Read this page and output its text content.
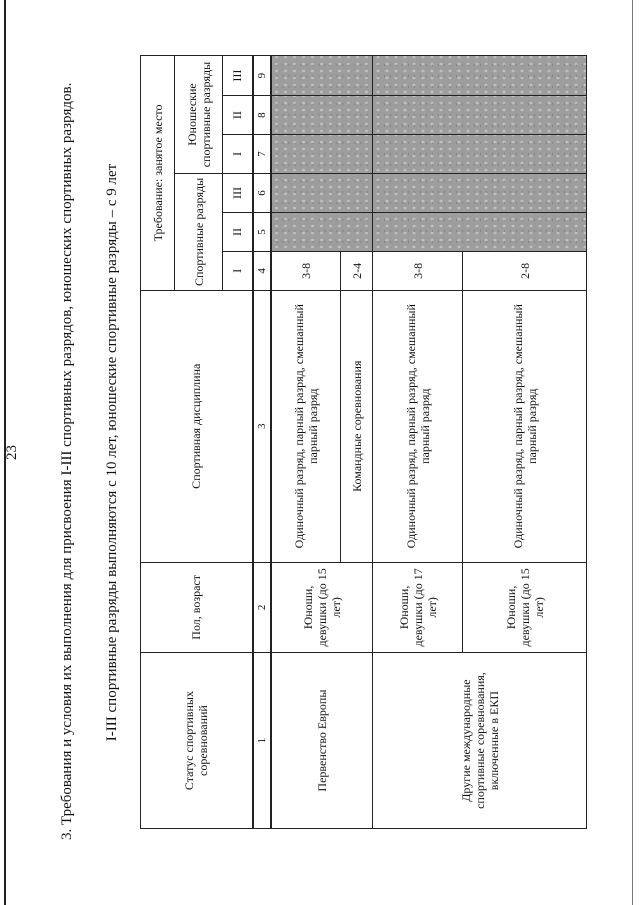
23	3. Требования и условия их выполнения для присвоения I-III спортивных разрядов, юношеских спортивных разрядов. I-III спортивные разряды выполняются с 10 лет, юношеские спортивные разряды – с 9 лет	Статус спортивных соревнований	Пол, возраст	Спортивная дисциплина	Требование: занятое место					
			Спортивные разряды			Юношеские спортивные разряды		
			I	II	III	I	II	III
1	2	3	4	5	6	7	8	9
Первенство Европы	Юноши, девушки (до 15 лет)	Одиночный разряд, парный разряд, смешанный парный разряд	3-8					
		Командные соревнования	2-4					
Другие международные спортивные соревнования, включенные в ЕКП	Юноши, девушки (до 17 лет)	Одиночный разряд, парный разряд, смешанный парный разряд	3-8					
	Юноши, девушки (до 15 лет)	Одиночный разряд, парный разряд, смешанный парный разряд	2-8					
